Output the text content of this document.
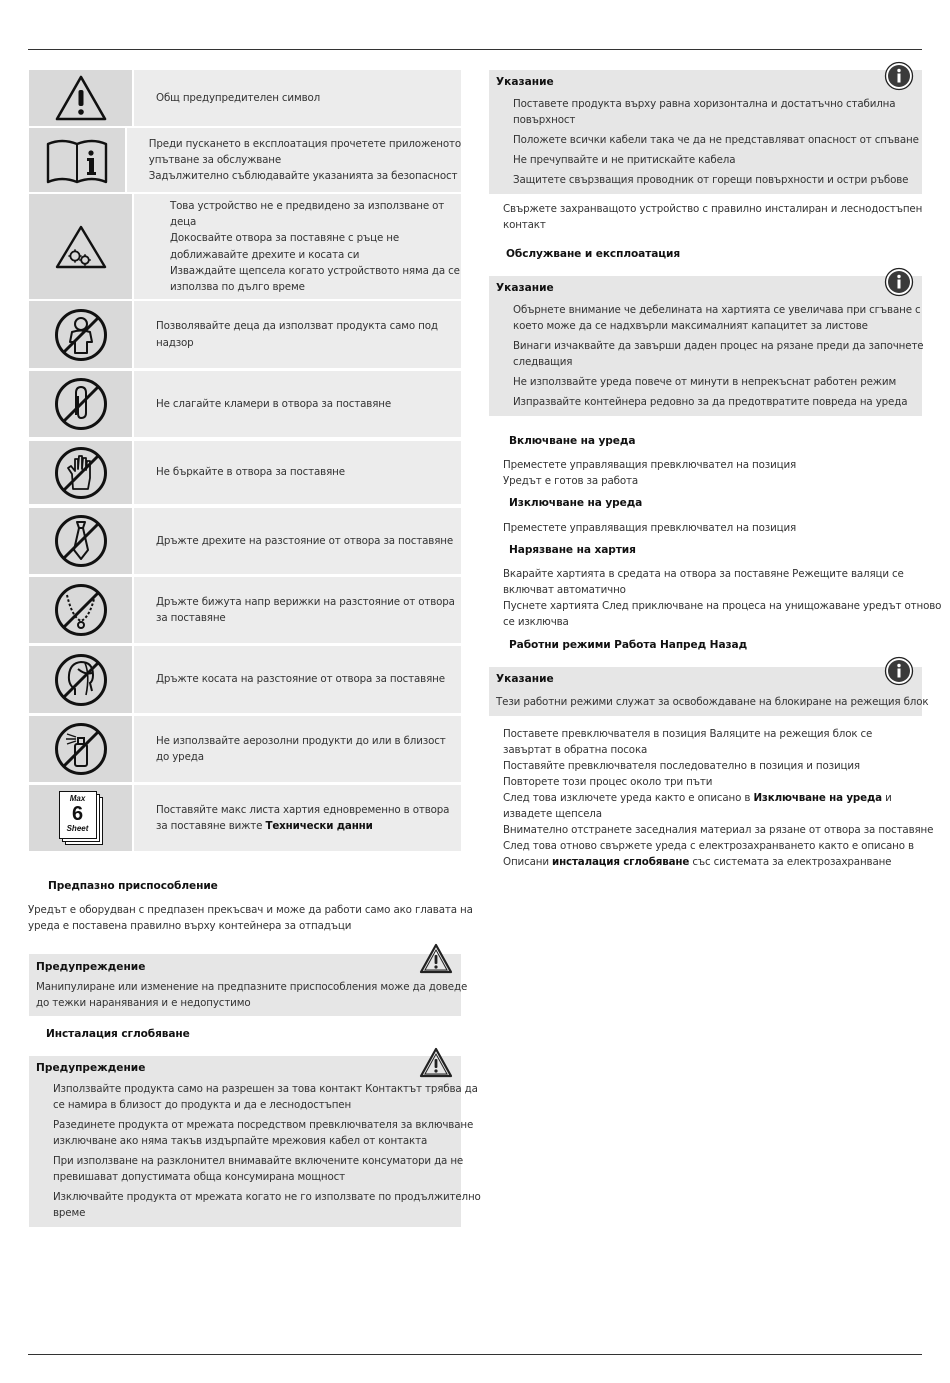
Общ предупредителен символ
Преди пускането в експлоатация прочетете приложеното
упътване за обслужване
Задължително съблюдавайте указанията за безопасност
Това устройство не е предвидено за използване от
деца
Докосвайте отвора за поставяне с ръце не
доближавайте дрехите и косата си
Изваждайте щепсела когато устройството няма да се
използва по дълго време
Позволявайте деца да използват продукта само под
надзор
Не слагайте кламери в отвора за поставяне
Не бъркайте в отвора за поставяне
Дръжте дрехите на разстояние от отвора за поставяне
Дръжте бижута напр верижки на разстояние от отвора
за поставяне
Дръжте косата на разстояние от отвора за поставяне
Не използвайте аерозолни продукти до или в близост
до уреда
Max
6
Sheet
Поставяйте макс листа хартия едновременно в отвора
за поставяне вижте Технически данни
Предпазно приспособление
Уредът е оборудван с предпазен прекъсвач и може да работи само ако главата на
уреда е поставена правилно върху контейнера за отпадъци
Предупреждение
Манипулиране или изменение на предпазните приспособления може да доведе
до тежки наранявания и е недопустимо
Инсталация сглобяване
Предупреждение
Използвайте продукта само на разрешен за това контакт Контактът трябва да
се намира в близост до продукта и да е леснодостъпен
Разединете продукта от мрежата посредством превключвателя за включване
изключване ако няма такъв издърпайте мрежовия кабел от контакта
При използване на разклонител внимавайте включените консуматори да не
превишават допустимата обща консумирана мощност
Изключвайте продукта от мрежата когато не го използвате по продължително
време
Указание
Поставете продукта върху равна хоризонтална и достатъчно стабилна
повърхност
Положете всички кабели така че да не представляват опасност от спъване
Не пречупвайте и не притискайте кабела
Защитете свързващия проводник от горещи повърхности и остри ръбове
Свържете захранващото устройство с правилно инсталиран и леснодостъпен
контакт
Обслужване и експлоатация
Указание
Обърнете внимание че дебелината на хартията се увеличава при сгъване с
което може да се надхвърли максималният капацитет за листове
Винаги изчаквайте да завърши даден процес на рязане преди да започнете
следващия
Не използвайте уреда повече от минути в непрекъснат работен режим
Изпразвайте контейнера редовно за да предотвратите повреда на уреда
Включване на уреда
Преместете управляващия превключвател на позиция
Уредът е готов за работа
Изключване на уреда
Преместете управляващия превключвател на позиция
Нарязване на хартия
Вкарайте хартията в средата на отвора за поставяне Режещите валяци се
включват автоматично
Пуснете хартията След приключване на процеса на унищожаване уредът отново
се изключва
Работни режими Работа Напред Назад
Указание
Тези работни режими служат за освобождаване на блокиране на режещия блок
Поставете превключвателя в позиция Валяците на режещия блок се
завъртат в обратна посока
Поставяйте превключвателя последователно в позиция и позиция
Повторете този процес около три пъти
След това изключете уреда както е описано в Изключване на уреда и
извадете щепсела
Внимателно отстранете заседналия материал за рязане от отвора за поставяне
След това отново свържете уреда с електрозахранването както е описано в
Описани инсталация сглобяване със системата за електрозахранване
